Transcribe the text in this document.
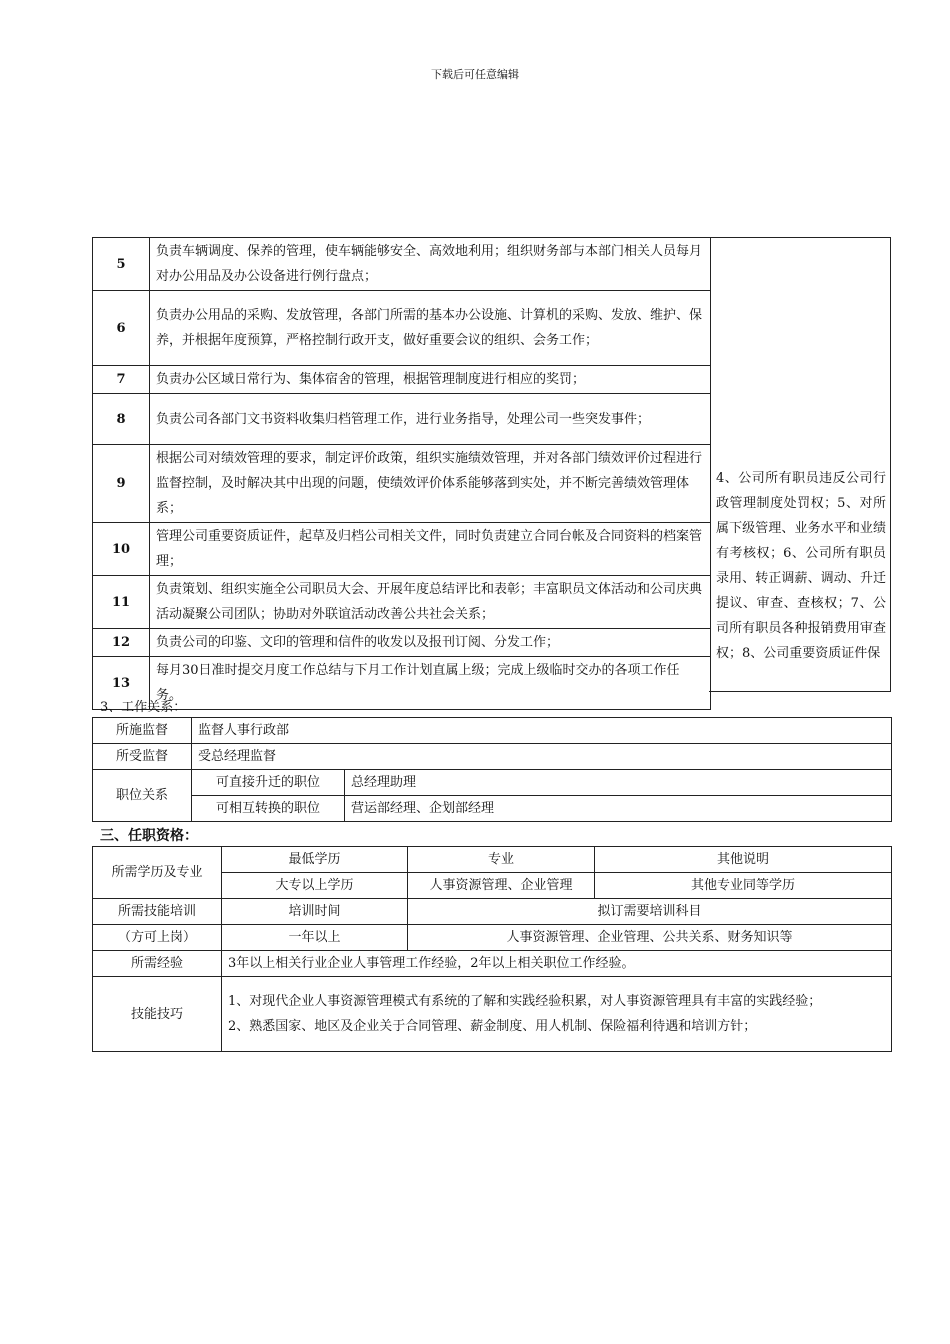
下载后可任意编辑
5	负责车辆调度、保养的管理，使车辆能够安全、高效地利用；组织财务部与本部门相关人员每月对办公用品及办公设备进行例行盘点；
6	负责办公用品的采购、发放管理，各部门所需的基本办公设施、计算机的采购、发放、维护、保养，并根据年度预算，严格控制行政开支，做好重要会议的组织、会务工作；
7	负责办公区域日常行为、集体宿舍的管理，根据管理制度进行相应的奖罚；
8	负责公司各部门文书资料收集归档管理工作，进行业务指导，处理公司一些突发事件；
9	根据公司对绩效管理的要求，制定评价政策，组织实施绩效管理，并对各部门绩效评价过程进行监督控制，及时解决其中出现的问题，使绩效评价体系能够落到实处，并不断完善绩效管理体系；
10	管理公司重要资质证件，起草及归档公司相关文件，同时负责建立合同台帐及合同资料的档案管理；
11	负责策划、组织实施全公司职员大会、开展年度总结评比和表彰；丰富职员文体活动和公司庆典活动凝聚公司团队；协助对外联谊活动改善公共社会关系；
12	负责公司的印鉴、文印的管理和信件的收发以及报刊订阅、分发工作；
13	每月30日准时提交月度工作总结与下月工作计划直属上级；完成上级临时交办的各项工作任务。
4、公司所有职员违反公司行政管理制度处罚权；5、对所属下级管理、业务水平和业绩有考核权；6、公司所有职员录用、转正调薪、调动、升迁提议、审查、查核权；7、公司所有职员各种报销费用审查权；8、公司重要资质证件保
3、工作关系：
所施监督	监督人事行政部	
所受监督	受总经理监督	
职位关系	可直接升迁的职位	总经理助理
	可相互转换的职位	营运部经理、企划部经理
三、任职资格：
所需学历及专业	最低学历	专业	其他说明
	大专以上学历	人事资源管理、企业管理	其他专业同等学历
所需技能培训	培训时间	拟订需要培训科目	
（方可上岗）	一年以上	人事资源管理、企业管理、公共关系、财务知识等	
所需经验	3年以上相关行业企业人事管理工作经验，2年以上相关职位工作经验。		
技能技巧	1、对现代企业人事资源管理模式有系统的了解和实践经验积累，对人事资源管理具有丰富的实践经验；
2、熟悉国家、地区及企业关于合同管理、薪金制度、用人机制、保险福利待遇和培训方针；		
